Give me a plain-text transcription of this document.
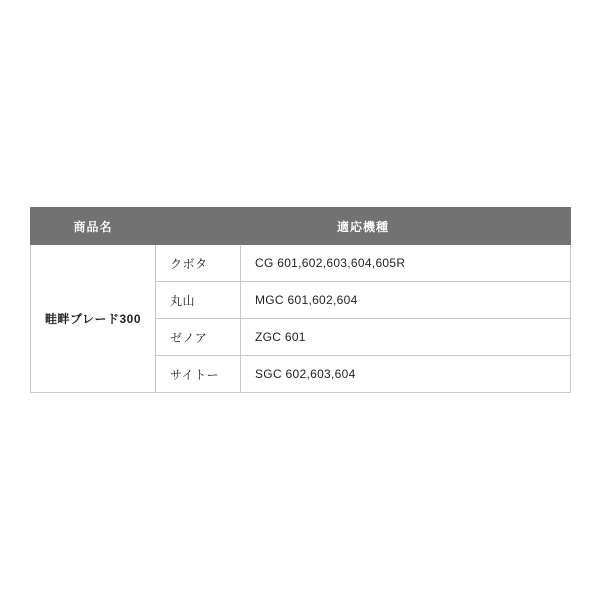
商品名	適応機種	
畦畔ブレード300	クボタ	CG 601,602,603,604,605R
	丸山	MGC 601,602,604
	ゼノア	ZGC 601
	サイトー	SGC 602,603,604
